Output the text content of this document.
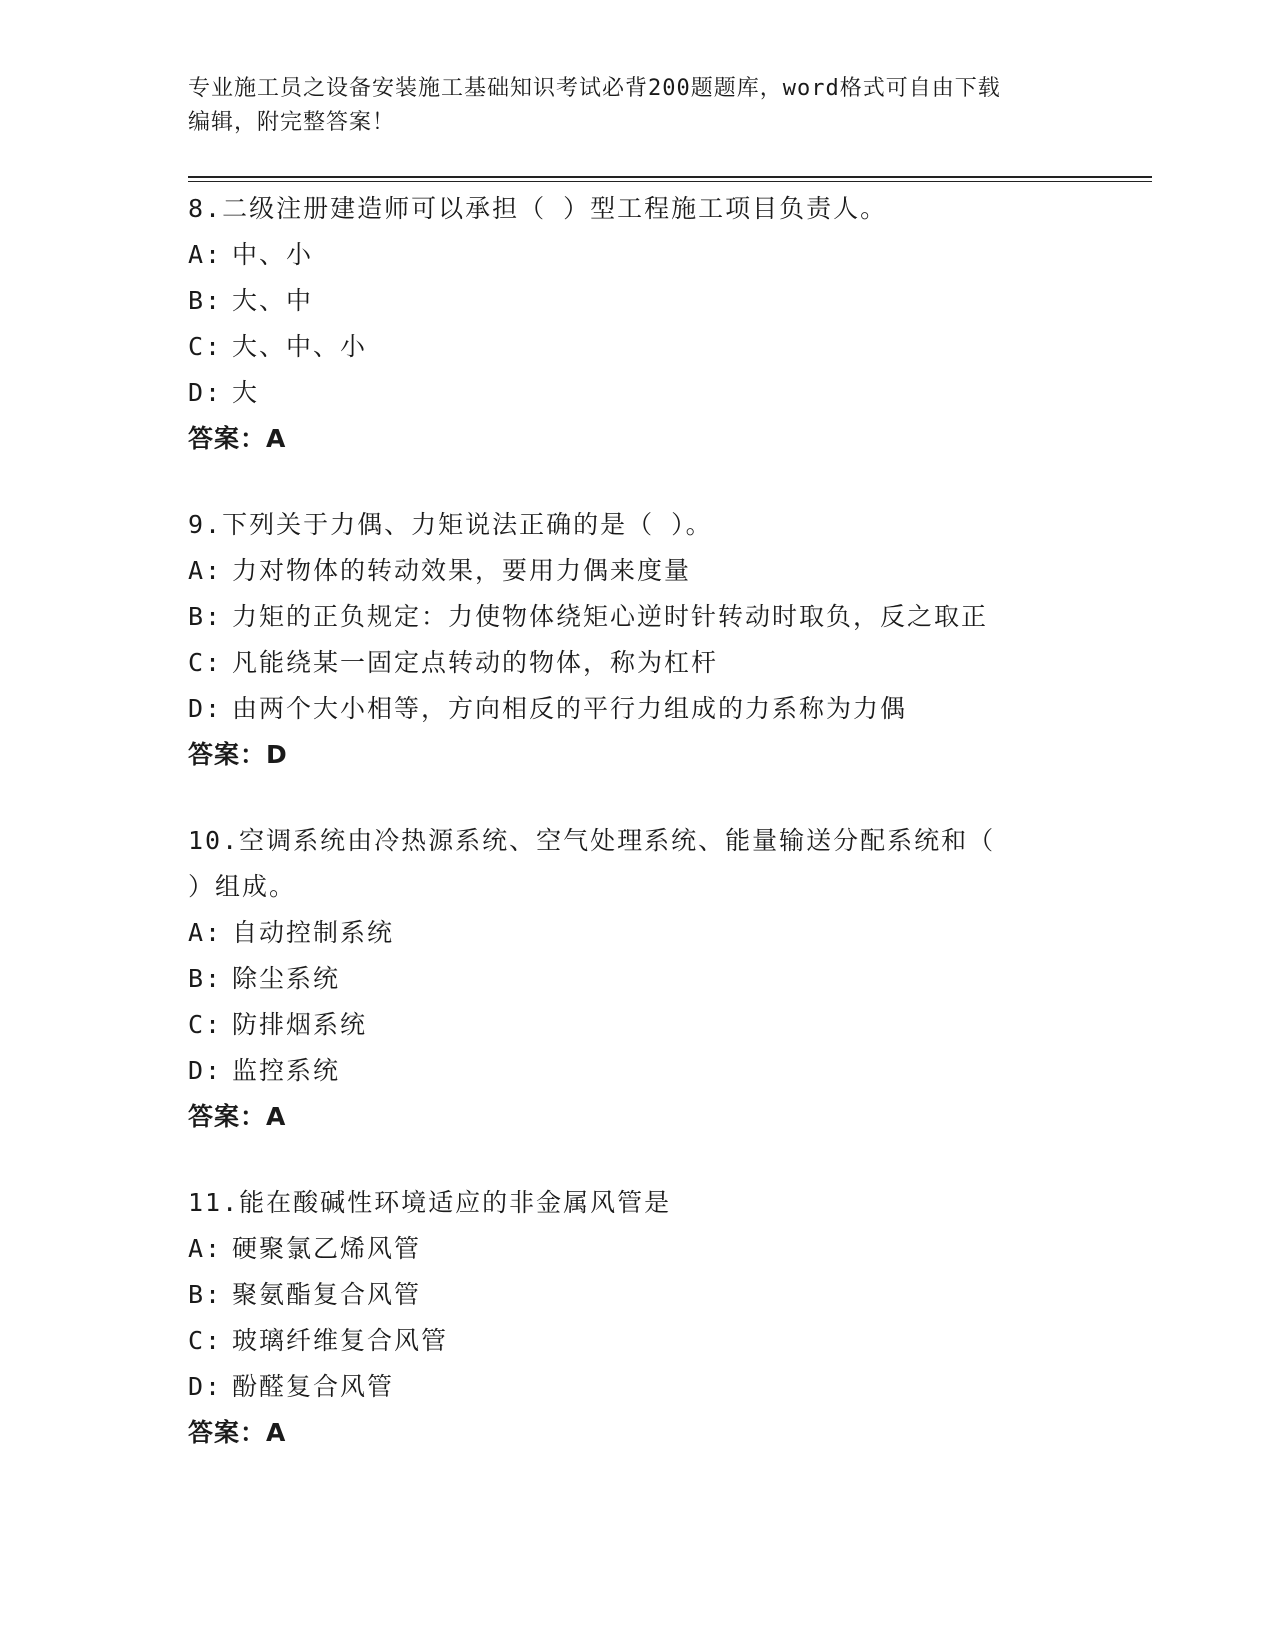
专业施工员之设备安装施工基础知识考试必背200题题库，word格式可自由下载
编辑，附完整答案！
8.二级注册建造师可以承担（ ）型工程施工项目负责人。
A: 中、小
B: 大、中
C: 大、中、小
D: 大
答案：A
9.下列关于力偶、力矩说法正确的是（ ）。
A: 力对物体的转动效果，要用力偶来度量
B: 力矩的正负规定：力使物体绕矩心逆时针转动时取负，反之取正
C: 凡能绕某一固定点转动的物体，称为杠杆
D: 由两个大小相等，方向相反的平行力组成的力系称为力偶
答案：D
10.空调系统由冷热源系统、空气处理系统、能量输送分配系统和（
）组成。
A: 自动控制系统
B: 除尘系统
C: 防排烟系统
D: 监控系统
答案：A
11.能在酸碱性环境适应的非金属风管是
A: 硬聚氯乙烯风管
B: 聚氨酯复合风管
C: 玻璃纤维复合风管
D: 酚醛复合风管
答案：A
